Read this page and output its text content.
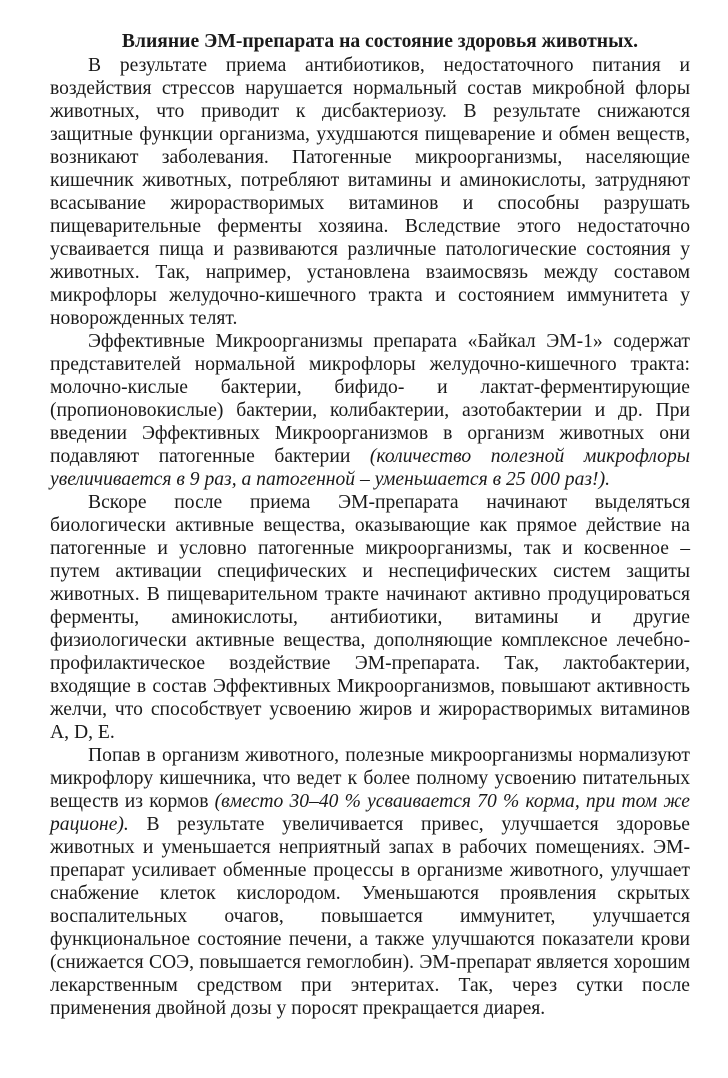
Влияние ЭМ-препарата на состояние здоровья животных.

В результате приема антибиотиков, недостаточного питания и воздействия стрессов нарушается нормальный состав микробной флоры животных, что приводит к дисбактериозу. В результате снижаются защитные функции организма, ухудшаются пищеварение и обмен веществ, возникают заболевания. Патогенные микроорганизмы, населяющие кишечник животных, потребляют витамины и аминокислоты, затрудняют всасывание жирорастворимых витаминов и способны разрушать пищеварительные ферменты хозяина. Вследствие этого недостаточно усваивается пища и развиваются различные патологические состояния у животных. Так, например, установлена взаимосвязь между составом микрофлоры желудочно-кишечного тракта и состоянием иммунитета у новорожденных телят.

Эффективные Микроорганизмы препарата «Байкал ЭМ-1» содержат представителей нормальной микрофлоры желудочно-кишечного тракта: молочно-кислые бактерии, бифидо- и лактат-ферментирующие (пропионовокислые) бактерии, колибактерии, азотобактерии и др. При введении Эффективных Микроорганизмов в организм животных они подавляют патогенные бактерии (количество полезной микрофлоры увеличивается в 9 раз, а патогенной – уменьшается в 25 000 раз!).

Вскоре после приема ЭМ-препарата начинают выделяться биологически активные вещества, оказывающие как прямое действие на патогенные и условно патогенные микроорганизмы, так и косвенное – путем активации специфических и неспецифических систем защиты животных. В пищеварительном тракте начинают активно продуцироваться ферменты, аминокислоты, антибиотики, витамины и другие физиологически активные вещества, дополняющие комплексное лечебно-профилактическое воздействие ЭМ-препарата. Так, лактобактерии, входящие в состав Эффективных Микроорганизмов, повышают активность желчи, что способствует усвоению жиров и жирорастворимых витаминов А, D, Е.

Попав в организм животного, полезные микроорганизмы нормализуют микрофлору кишечника, что ведет к более полному усвоению питательных веществ из кормов (вместо 30–40 % усваивается 70 % корма, при том же рационе). В результате увеличивается привес, улучшается здоровье животных и уменьшается неприятный запах в рабочих помещениях. ЭМ-препарат усиливает обменные процессы в организме животного, улучшает снабжение клеток кислородом. Уменьшаются проявления скрытых воспалительных очагов, повышается иммунитет, улучшается функциональное состояние печени, а также улучшаются показатели крови (снижается СОЭ, повышается гемоглобин). ЭМ-препарат является хорошим лекарственным средством при энтеритах. Так, через сутки после применения двойной дозы у поросят прекращается диарея.
